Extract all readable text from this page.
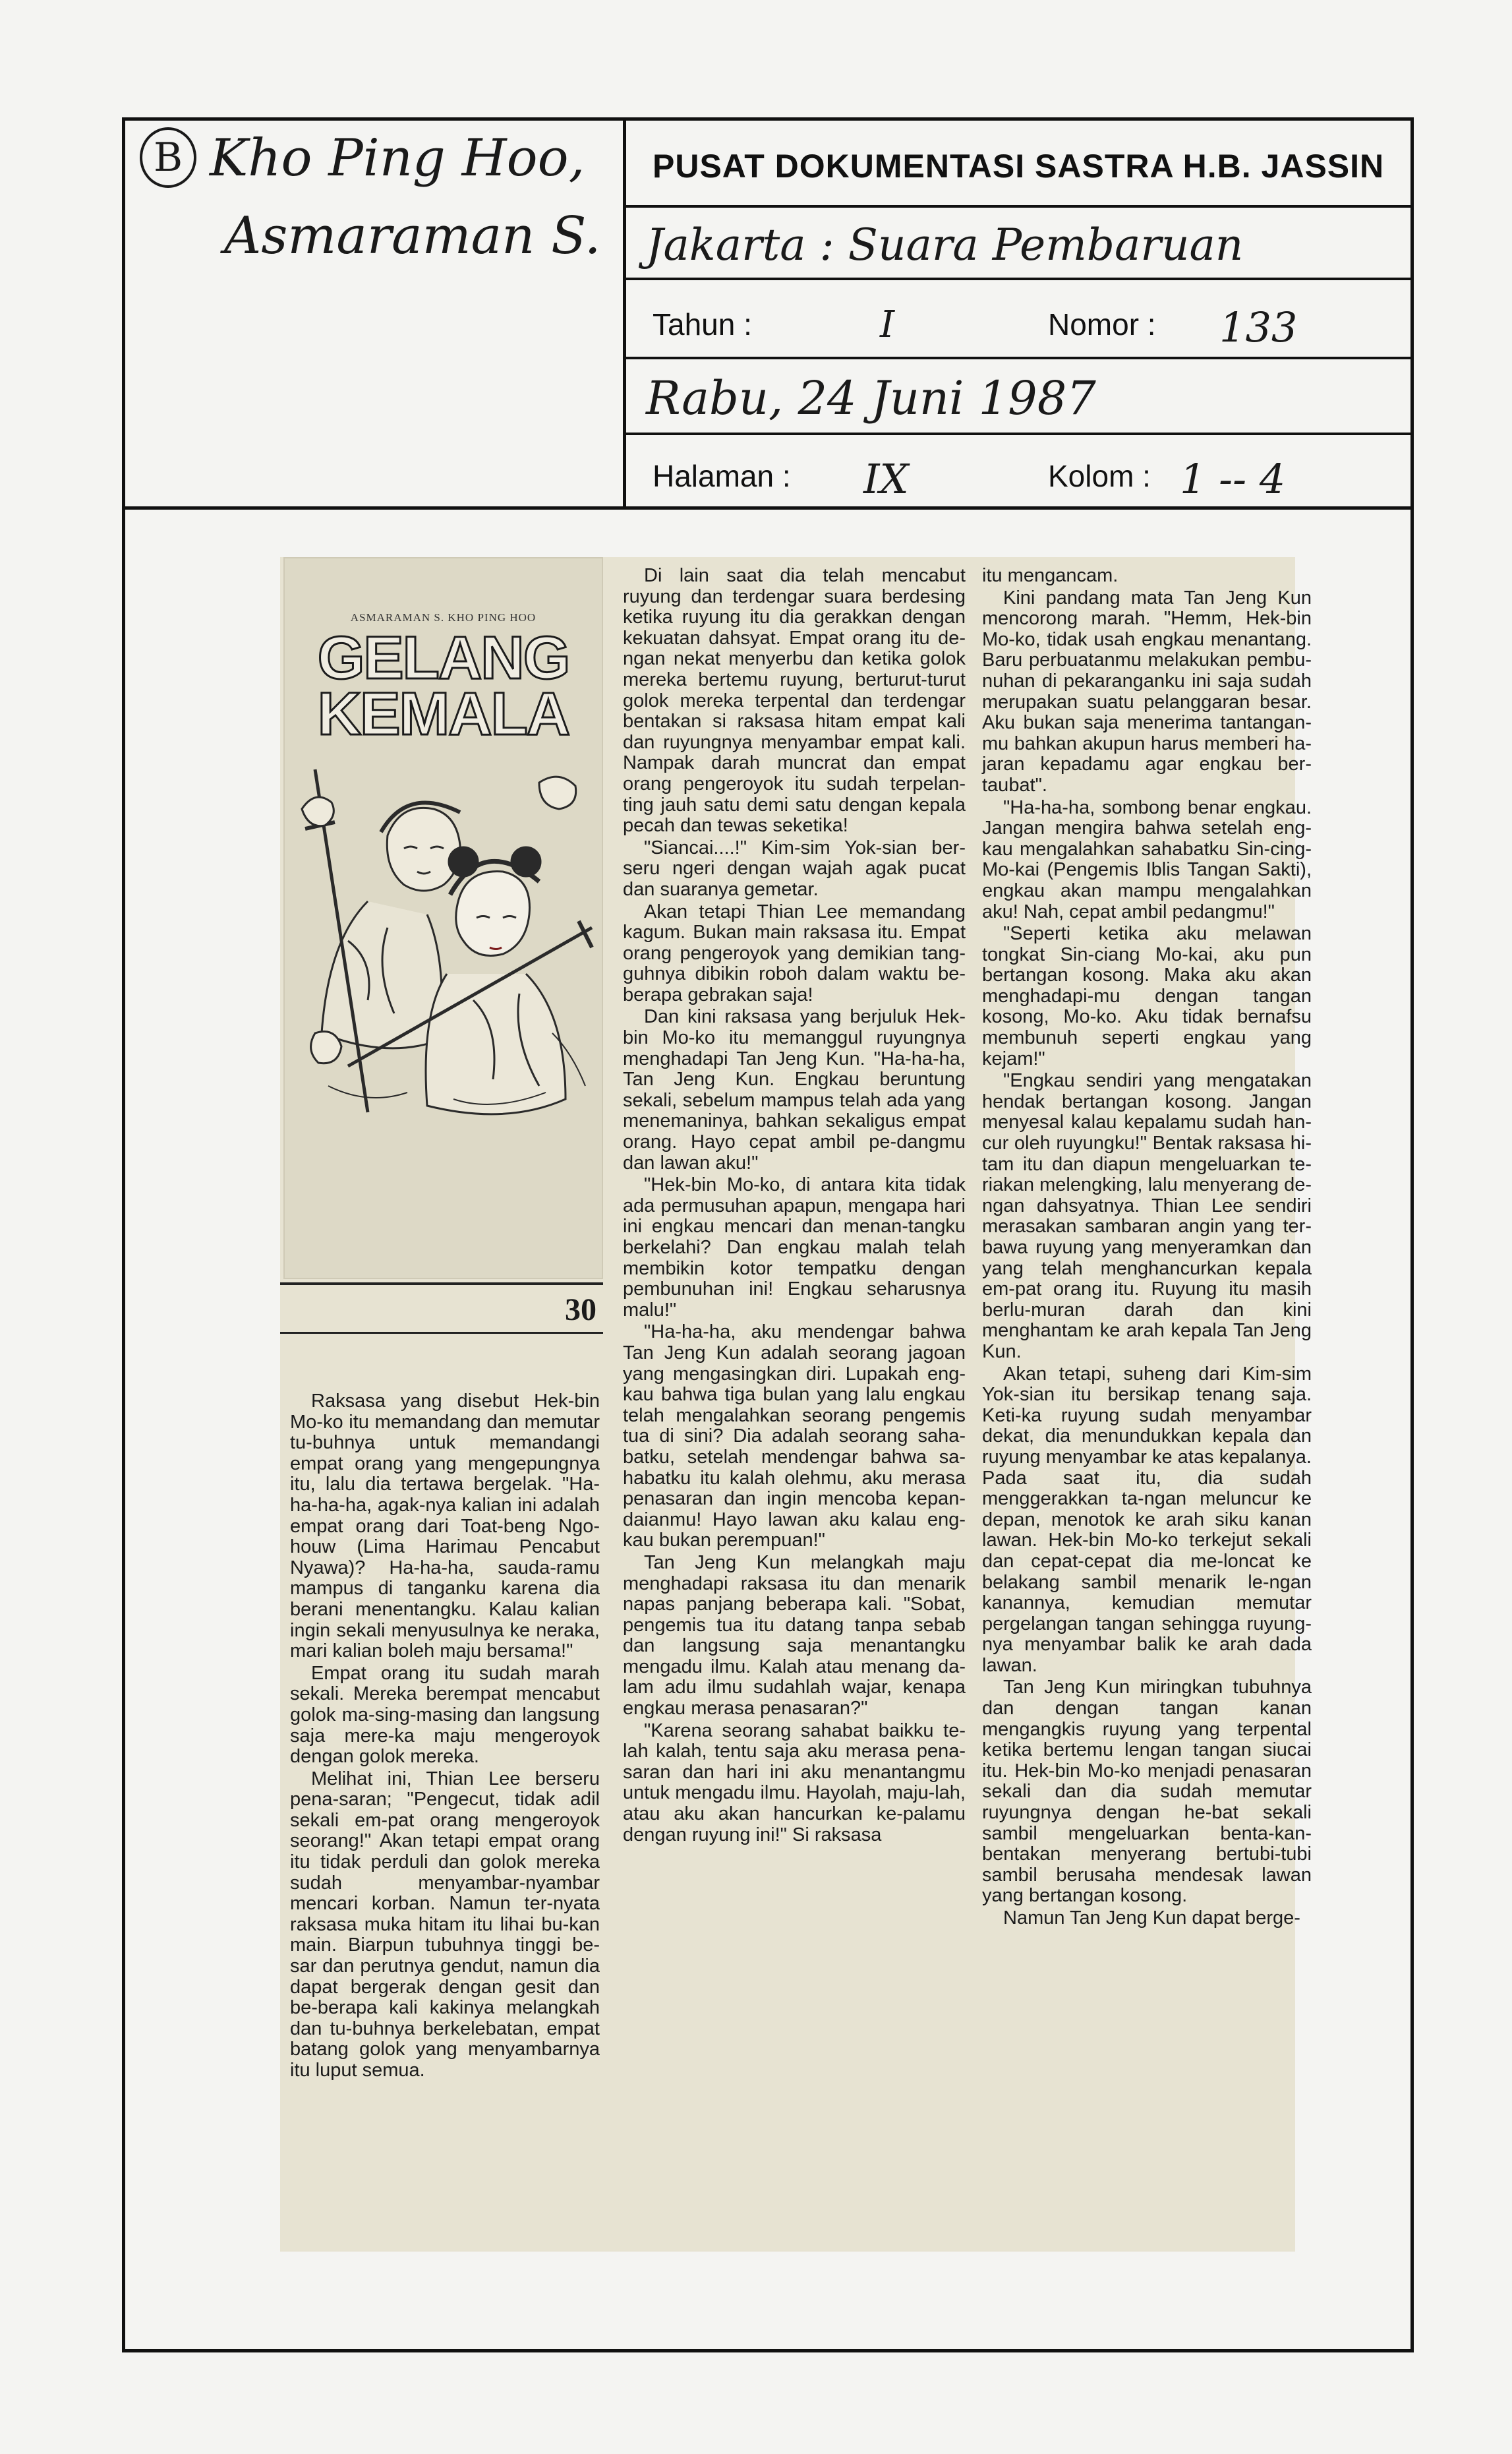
B Kho Ping Hoo,
Asmaraman S.
PUSAT DOKUMENTASI SASTRA H.B. JASSIN
Jakarta : Suara Pembaruan
Tahun :	I	Nomor : 133
Rabu, 24 Juni 1987
Halaman : IX	Kolom : 1 -- 4
ASMARAMAN S. KHO PING HOO
GELANG
KEMALA
30

Raksasa yang disebut Hek-bin Mo-ko itu memandang dan memutar tu-buhnya untuk memandangi empat orang yang mengepungnya itu, lalu dia tertawa bergelak. "Ha-ha-ha-ha, agak-nya kalian ini adalah empat orang dari Toat-beng Ngo-houw (Lima Harimau Pencabut Nyawa)? Ha-ha-ha, sauda-ramu mampus di tanganku karena dia berani menentangku. Kalau kalian ingin sekali menyusulnya ke neraka, mari kalian boleh maju bersama!"

Empat orang itu sudah marah sekali. Mereka berempat mencabut golok ma-sing-masing dan langsung saja mere-ka maju mengeroyok dengan golok mereka.

Melihat ini, Thian Lee berseru pena-saran; "Pengecut, tidak adil sekali em-pat orang mengeroyok seorang!" Akan tetapi empat orang itu tidak perduli dan golok mereka sudah menyambar-nyambar mencari korban. Namun ter-nyata raksasa muka hitam itu lihai bu-kan main. Biarpun tubuhnya tinggi be-sar dan perutnya gendut, namun dia dapat bergerak dengan gesit dan be-berapa kali kakinya melangkah dan tu-buhnya berkelebatan, empat batang golok yang menyambarnya itu luput semua.

Di lain saat dia telah mencabut ruyung dan terdengar suara berdesing ketika ruyung itu dia gerakkan dengan kekuatan dahsyat. Empat orang itu de-ngan nekat menyerbu dan ketika golok mereka bertemu ruyung, berturut-turut golok mereka terpental dan terdengar bentakan si raksasa hitam empat kali dan ruyungnya menyambar empat kali. Nampak darah muncrat dan empat orang pengeroyok itu sudah terpelan-ting jauh satu demi satu dengan kepala pecah dan tewas seketika!

"Siancai....!" Kim-sim Yok-sian ber-seru ngeri dengan wajah agak pucat dan suaranya gemetar.

Akan tetapi Thian Lee memandang kagum. Bukan main raksasa itu. Empat orang pengeroyok yang demikian tang-guhnya dibikin roboh dalam waktu be-berapa gebrakan saja!

Dan kini raksasa yang berjuluk Hek-bin Mo-ko itu memanggul ruyungnya menghadapi Tan Jeng Kun. "Ha-ha-ha, Tan Jeng Kun. Engkau beruntung sekali, sebelum mampus telah ada yang menemaninya, bahkan sekaligus empat orang. Hayo cepat ambil pe-dangmu dan lawan aku!"

"Hek-bin Mo-ko, di antara kita tidak ada permusuhan apapun, mengapa hari ini engkau mencari dan menan-tangku berkelahi? Dan engkau malah telah membikin kotor tempatku dengan pembunuhan ini! Engkau seharusnya malu!"

"Ha-ha-ha, aku mendengar bahwa Tan Jeng Kun adalah seorang jagoan yang mengasingkan diri. Lupakah eng-kau bahwa tiga bulan yang lalu engkau telah mengalahkan seorang pengemis tua di sini? Dia adalah seorang saha-batku, setelah mendengar bahwa sa-habatku itu kalah olehmu, aku merasa penasaran dan ingin mencoba kepan-daianmu! Hayo lawan aku kalau eng-kau bukan perempuan!"

Tan Jeng Kun melangkah maju menghadapi raksasa itu dan menarik napas panjang beberapa kali. "Sobat, pengemis tua itu datang tanpa sebab dan langsung saja menantangku mengadu ilmu. Kalah atau menang da-lam adu ilmu sudahlah wajar, kenapa engkau merasa penasaran?"

"Karena seorang sahabat baikku te-lah kalah, tentu saja aku merasa pena-saran dan hari ini aku menantangmu untuk mengadu ilmu. Hayolah, maju-lah, atau aku akan hancurkan ke-palamu dengan ruyung ini!" Si raksasa

itu mengancam.

Kini pandang mata Tan Jeng Kun mencorong marah. "Hemm, Hek-bin Mo-ko, tidak usah engkau menantang. Baru perbuatanmu melakukan pembu-nuhan di pekaranganku ini saja sudah merupakan suatu pelanggaran besar. Aku bukan saja menerima tantangan-mu bahkan akupun harus memberi ha-jaran kepadamu agar engkau ber-taubat".

"Ha-ha-ha, sombong benar engkau. Jangan mengira bahwa setelah eng-kau mengalahkan sahabatku Sin-cing-Mo-kai (Pengemis Iblis Tangan Sakti), engkau akan mampu mengalahkan aku! Nah, cepat ambil pedangmu!"

"Seperti ketika aku melawan tongkat Sin-ciang Mo-kai, aku pun bertangan kosong. Maka aku akan menghadapi-mu dengan tangan kosong, Mo-ko. Aku tidak bernafsu membunuh seperti engkau yang kejam!"

"Engkau sendiri yang mengatakan hendak bertangan kosong. Jangan menyesal kalau kepalamu sudah han-cur oleh ruyungku!" Bentak raksasa hi-tam itu dan diapun mengeluarkan te-riakan melengking, lalu menyerang de-ngan dahsyatnya. Thian Lee sendiri merasakan sambaran angin yang ter-bawa ruyung yang menyeramkan dan yang telah menghancurkan kepala em-pat orang itu. Ruyung itu masih berlu-muran darah dan kini menghantam ke arah kepala Tan Jeng Kun.

Akan tetapi, suheng dari Kim-sim Yok-sian itu bersikap tenang saja. Keti-ka ruyung sudah menyambar dekat, dia menundukkan kepala dan ruyung menyambar ke atas kepalanya. Pada saat itu, dia sudah menggerakkan ta-ngan meluncur ke depan, menotok ke arah siku kanan lawan. Hek-bin Mo-ko terkejut sekali dan cepat-cepat dia me-loncat ke belakang sambil menarik le-ngan kanannya, kemudian memutar pergelangan tangan sehingga ruyung-nya menyambar balik ke arah dada lawan.

Tan Jeng Kun miringkan tubuhnya dan dengan tangan kanan mengangkis ruyung yang terpental ketika bertemu lengan tangan siucai itu. Hek-bin Mo-ko menjadi penasaran sekali dan dia sudah memutar ruyungnya dengan he-bat sekali sambil mengeluarkan benta-kan-bentakan menyerang bertubi-tubi sambil berusaha mendesak lawan yang bertangan kosong.

Namun Tan Jeng Kun dapat berge-
